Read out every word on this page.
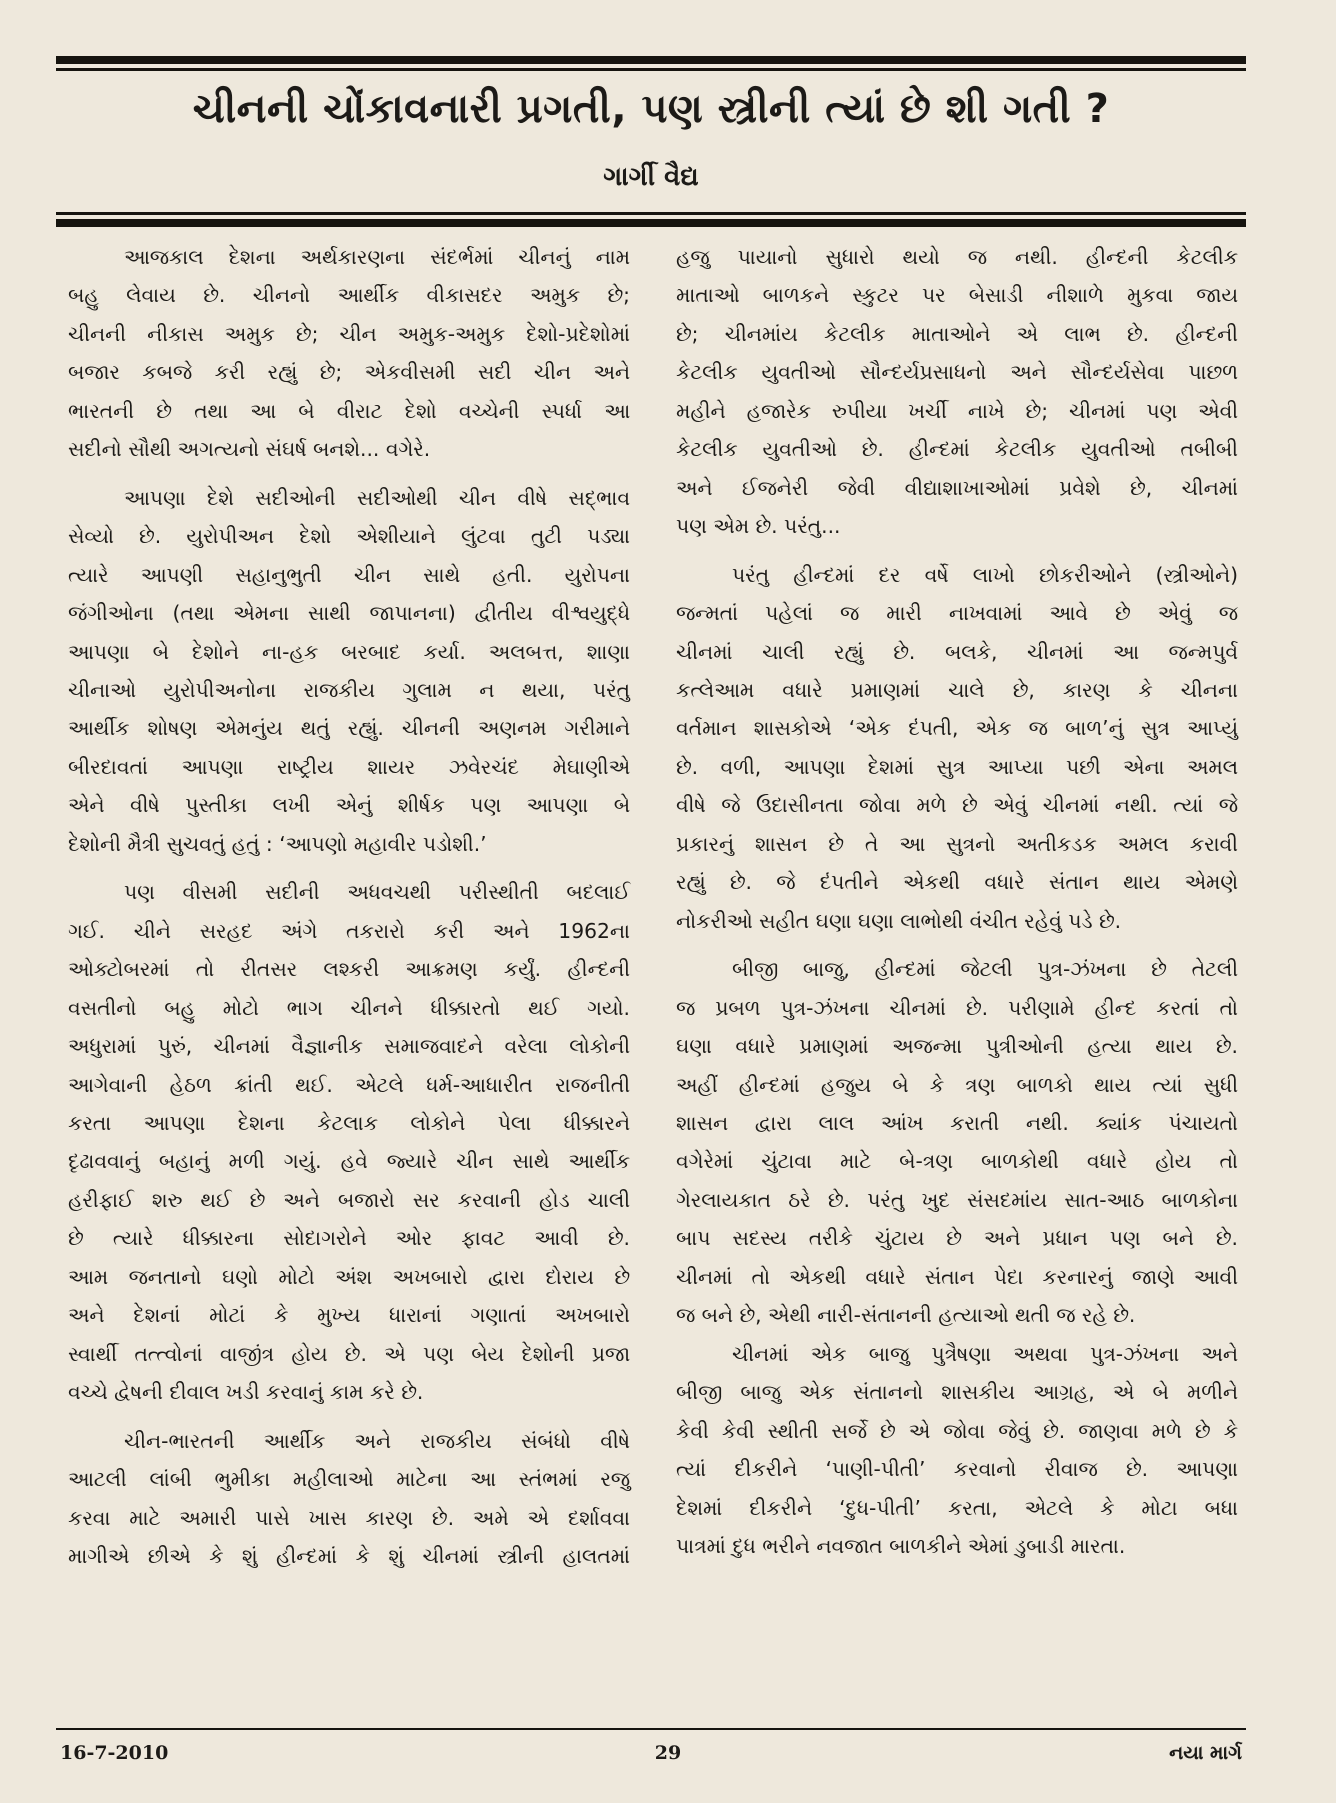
ચીનની ચોંકાવનારી પ્રગતી, પણ સ્ત્રીની ત્યાં છે શી ગતી ?
ગાર્ગી વૈદ્ય

આજકાલ દેશના અર્થકારણના સંદર્ભમાં ચીનનું નામ

બહુ લેવાય છે. ચીનનો આર્થીક વીકાસદર અમુક છે;

ચીનની નીકાસ અમુક છે; ચીન અમુક-અમુક દેશો-પ્રદેશોમાં

બજાર કબજે કરી રહ્યું છે; એકવીસમી સદી ચીન અને

ભારતની છે તથા આ બે વીરાટ દેશો વચ્ચેની સ્પર્ધા આ

સદીનો સૌથી અગત્યનો સંઘર્ષ બનશે... વગેરે.

આપણા દેશે સદીઓની સદીઓથી ચીન વીષે સદ્ભાવ

સેવ્યો છે. યુરોપીઅન દેશો એશીયાને લુંટવા તુટી પડ્યા

ત્યારે આપણી સહાનુભુતી ચીન સાથે હતી. યુરોપના

જંગીઓના (તથા એમના સાથી જાપાનના) દ્વીતીય વીશ્વયુદ્ધે

આપણા બે દેશોને ના-હક બરબાદ કર્યા. અલબત્ત, શાણા

ચીનાઓ યુરોપીઅનોના રાજકીય ગુલામ ન થયા, પરંતુ

આર્થીક શોષણ એમનુંય થતું રહ્યું. ચીનની અણનમ ગરીમાને

બીરદાવતાં આપણા રાષ્ટ્રીય શાયર ઝવેરચંદ મેઘાણીએ

એને વીષે પુસ્તીકા લખી એનું શીર્ષક પણ આપણા બે

દેશોની મૈત્રી સુચવતું હતું : ‘આપણો મહાવીર પડોશી.’

પણ વીસમી સદીની અધવચથી પરીસ્થીતી બદલાઈ

ગઈ. ચીને સરહદ અંગે તકરારો કરી અને 1962ના

ઓક્ટોબરમાં તો રીતસર લશ્કરી આક્રમણ કર્યું. હીન્દની

વસતીનો બહુ મોટો ભાગ ચીનને ધીક્કારતો થઈ ગયો.

અધુરામાં પુરું, ચીનમાં વૈજ્ઞાનીક સમાજવાદને વરેલા લોકોની

આગેવાની હેઠળ ક્રાંતી થઈ. એટલે ધર્મ-આધારીત રાજનીતી

કરતા આપણા દેશના કેટલાક લોકોને પેલા ધીક્કારને

દૃઢાવવાનું બહાનું મળી ગયું. હવે જ્યારે ચીન સાથે આર્થીક

હરીફાઈ શરુ થઈ છે અને બજારો સર કરવાની હોડ ચાલી

છે ત્યારે ધીક્કારના સોદાગરોને ઓર ફાવટ આવી છે.

આમ જનતાનો ઘણો મોટો અંશ અખબારો દ્વારા દોરાય છે

અને દેશનાં મોટાં કે મુખ્ય ધારાનાં ગણાતાં અખબારો

સ્વાર્થી તત્ત્વોનાં વાજીંત્ર હોય છે. એ પણ બેય દેશોની પ્રજા

વચ્ચે દ્વેષની દીવાલ ખડી કરવાનું કામ કરે છે.

ચીન-ભારતની આર્થીક અને રાજકીય સંબંધો વીષે

આટલી લાંબી ભુમીકા મહીલાઓ માટેના આ સ્તંભમાં રજુ

કરવા માટે અમારી પાસે ખાસ કારણ છે. અમે એ દર્શાવવા

માગીએ છીએ કે શું હીન્દમાં કે શું ચીનમાં સ્ત્રીની હાલતમાં

હજુ પાયાનો સુધારો થયો જ નથી. હીન્દની કેટલીક

માતાઓ બાળકને સ્કુટર પર બેસાડી નીશાળે મુકવા જાય

છે; ચીનમાંય કેટલીક માતાઓને એ લાભ છે. હીન્દની

કેટલીક યુવતીઓ સૌન્દર્યપ્રસાધનો અને સૌન્દર્યસેવા પાછળ

મહીને હજારેક રુપીયા ખર્ચી નાખે છે; ચીનમાં પણ એવી

કેટલીક યુવતીઓ છે. હીન્દમાં કેટલીક યુવતીઓ તબીબી

અને ઈજનેરી જેવી વીદ્યાશાખાઓમાં પ્રવેશે છે, ચીનમાં

પણ એમ છે. પરંતુ...

પરંતુ હીન્દમાં દર વર્ષે લાખો છોકરીઓને (સ્ત્રીઓને)

જન્મતાં પહેલાં જ મારી નાખવામાં આવે છે એવું જ

ચીનમાં ચાલી રહ્યું છે. બલકે, ચીનમાં આ જન્મપુર્વ

કત્લેઆમ વધારે પ્રમાણમાં ચાલે છે, કારણ કે ચીનના

વર્તમાન શાસકોએ ‘એક દંપતી, એક જ બાળ’નું સુત્ર આપ્યું

છે. વળી, આપણા દેશમાં સુત્ર આપ્યા પછી એના અમલ

વીષે જે ઉદાસીનતા જોવા મળે છે એવું ચીનમાં નથી. ત્યાં જે

પ્રકારનું શાસન છે તે આ સુત્રનો અતીકડક અમલ કરાવી

રહ્યું છે. જે દંપતીને એકથી વધારે સંતાન થાય એમણે

નોકરીઓ સહીત ઘણા ઘણા લાભોથી વંચીત રહેવું પડે છે.

બીજી બાજુ, હીન્દમાં જેટલી પુત્ર-ઝંખના છે તેટલી

જ પ્રબળ પુત્ર-ઝંખના ચીનમાં છે. પરીણામે હીન્દ કરતાં તો

ઘણા વધારે પ્રમાણમાં અજન્મા પુત્રીઓની હત્યા થાય છે.

અહીં હીન્દમાં હજુય બે કે ત્રણ બાળકો થાય ત્યાં સુધી

શાસન દ્વારા લાલ આંખ કરાતી નથી. ક્યાંક પંચાયતો

વગેરેમાં ચુંટાવા માટે બે-ત્રણ બાળકોથી વધારે હોય તો

ગેરલાયકાત ઠરે છે. પરંતુ ખુદ સંસદમાંય સાત-આઠ બાળકોના

બાપ સદસ્ય તરીકે ચુંટાય છે અને પ્રધાન પણ બને છે.

ચીનમાં તો એકથી વધારે સંતાન પેદા કરનારનું જાણે આવી

જ બને છે, એથી નારી-સંતાનની હત્યાઓ થતી જ રહે છે.

ચીનમાં એક બાજુ પુત્રૈષણા અથવા પુત્ર-ઝંખના અને

બીજી બાજુ એક સંતાનનો શાસકીય આગ્રહ, એ બે મળીને

કેવી કેવી સ્થીતી સર્જે છે એ જોવા જેવું છે. જાણવા મળે છે કે

ત્યાં દીકરીને ‘પાણી-પીતી’ કરવાનો રીવાજ છે. આપણા

દેશમાં દીકરીને ‘દુધ-પીતી’ કરતા, એટલે કે મોટા બધા

પાત્રમાં દુધ ભરીને નવજાત બાળકીને એમાં ડુબાડી મારતા.

16-7-2010	29	નયા માર્ગ
